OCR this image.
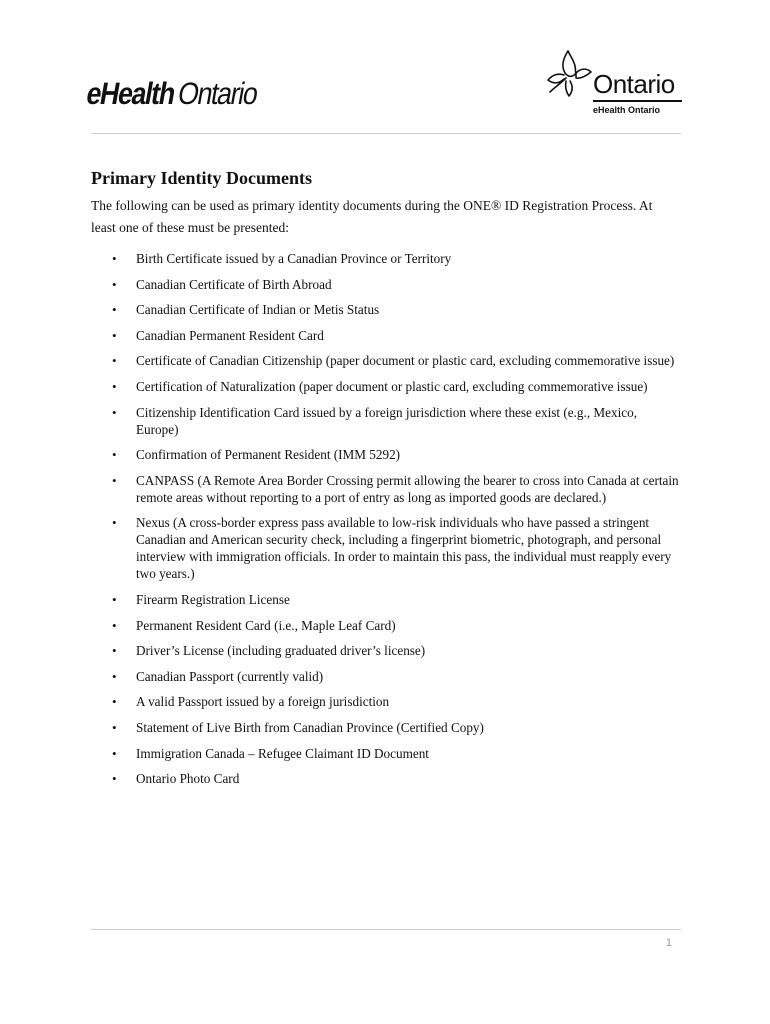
eHealthOntario	Ontario
eHealth Ontario
Primary Identity Documents

The following can be used as primary identity documents during the ONE® ID Registration Process. At least one of these must be presented:

• Birth Certificate issued by a Canadian Province or Territory
• Canadian Certificate of Birth Abroad
• Canadian Certificate of Indian or Metis Status
• Canadian Permanent Resident Card
• Certificate of Canadian Citizenship (paper document or plastic card, excluding commemorative issue)
• Certification of Naturalization (paper document or plastic card, excluding commemorative issue)
• Citizenship Identification Card issued by a foreign jurisdiction where these exist (e.g., Mexico, Europe)
• Confirmation of Permanent Resident (IMM 5292)
• CANPASS (A Remote Area Border Crossing permit allowing the bearer to cross into Canada at certain remote areas without reporting to a port of entry as long as imported goods are declared.)
• Nexus (A cross-border express pass available to low-risk individuals who have passed a stringent Canadian and American security check, including a fingerprint biometric, photograph, and personal interview with immigration officials. In order to maintain this pass, the individual must reapply every two years.)
• Firearm Registration License
• Permanent Resident Card (i.e., Maple Leaf Card)
• Driver’s License (including graduated driver’s license)
• Canadian Passport (currently valid)
• A valid Passport issued by a foreign jurisdiction
• Statement of Live Birth from Canadian Province (Certified Copy)
• Immigration Canada – Refugee Claimant ID Document
• Ontario Photo Card
1
